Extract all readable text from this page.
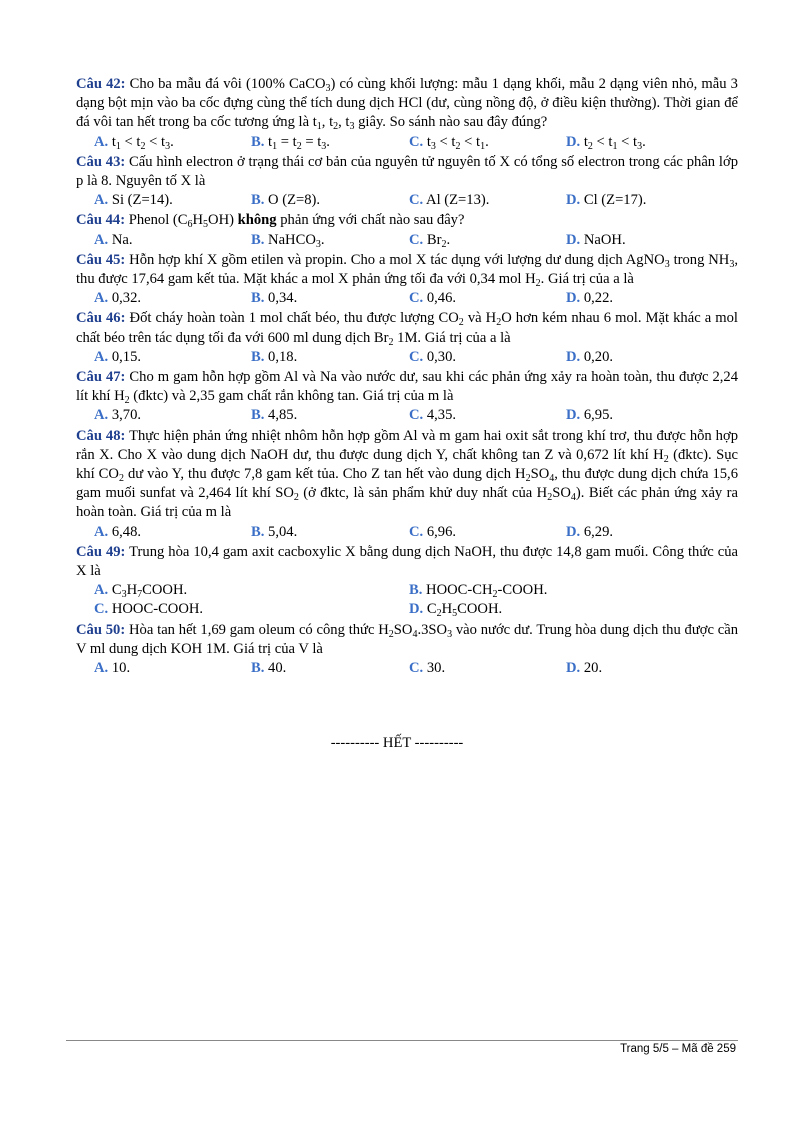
Câu 42: Cho ba mẫu đá vôi (100% CaCO$_3$) có cùng khối lượng: mẫu 1 dạng khối, mẫu 2 dạng viên nhỏ, mẫu 3 dạng bột mịn vào ba cốc đựng cùng thể tích dung dịch HCl (dư, cùng nồng độ, ở điều kiện thường). Thời gian để đá vôi tan hết trong ba cốc tương ứng là $t_1$, $t_2$, $t_3$ giây. So sánh nào sau đây đúng?

A. $t_1 < t_2 < t_3$.	B. $t_1 = t_2 = t_3$.	C. $t_3 < t_2 < t_1$.	D. $t_2 < t_1 < t_3$.

Câu 43: Cấu hình electron ở trạng thái cơ bản của nguyên tử nguyên tố X có tổng số electron trong các phân lớp p là 8. Nguyên tố X là

A. Si (Z=14).	B. O (Z=8).	C. Al (Z=13).	D. Cl (Z=17).

Câu 44: Phenol $(C_6H_5OH)$ không phản ứng với chất nào sau đây?

A. Na.	B. NaHCO$_3$.	C. $Br_2$.	D. NaOH.

Câu 45: Hỗn hợp khí X gồm etilen và propin. Cho a mol X tác dụng với lượng dư dung dịch AgNO$_3$ trong $NH_3$, thu được 17,64 gam kết tủa. Mặt khác a mol X phản ứng tối đa với 0,34 mol $H_2$. Giá trị của a là

A. 0,32.	B. 0,34.	C. 0,46.	D. 0,22.

Câu 46: Đốt cháy hoàn toàn 1 mol chất béo, thu được lượng $CO_2$ và $H_2O$ hơn kém nhau 6 mol. Mặt khác a mol chất béo trên tác dụng tối đa với 600 ml dung dịch $Br_2$ 1M. Giá trị của a là

A. 0,15.	B. 0,18.	C. 0,30.	D. 0,20.

Câu 47: Cho m gam hỗn hợp gồm Al và Na vào nước dư, sau khi các phản ứng xảy ra hoàn toàn, thu được 2,24 lít khí $H_2$ (đktc) và 2,35 gam chất rắn không tan. Giá trị của m là

A. 3,70.	B. 4,85.	C. 4,35.	D. 6,95.

Câu 48: Thực hiện phản ứng nhiệt nhôm hỗn hợp gồm Al và m gam hai oxit sắt trong khí trơ, thu được hỗn hợp rắn X. Cho X vào dung dịch NaOH dư, thu được dung dịch Y, chất không tan Z và 0,672 lít khí $H_2$ (đktc). Sục khí $CO_2$ dư vào Y, thu được 7,8 gam kết tủa. Cho Z tan hết vào dung dịch $H_2SO_4$, thu được dung dịch chứa 15,6 gam muối sunfat và 2,464 lít khí $SO_2$ (ở đktc, là sản phẩm khử duy nhất của $H_2SO_4$). Biết các phản ứng xảy ra hoàn toàn. Giá trị của m là

A. 6,48.	B. 5,04.	C. 6,96.	D. 6,29.

Câu 49: Trung hòa 10,4 gam axit cacboxylic X bằng dung dịch NaOH, thu được 14,8 gam muối. Công thức của X là

A. $C_3H_7COOH$.	B. HOOC-$CH_2$-COOH.
C. HOOC-COOH.	D. $C_2H_5COOH$.

Câu 50: Hòa tan hết 1,69 gam oleum có công thức $H_2SO_4.3SO_3$ vào nước dư. Trung hòa dung dịch thu được cần V ml dung dịch KOH 1M. Giá trị của V là

A. 10.	B. 40.	C. 30.	D. 20.
---------- HẾT ----------
Trang 5/5 – Mã đề 259
